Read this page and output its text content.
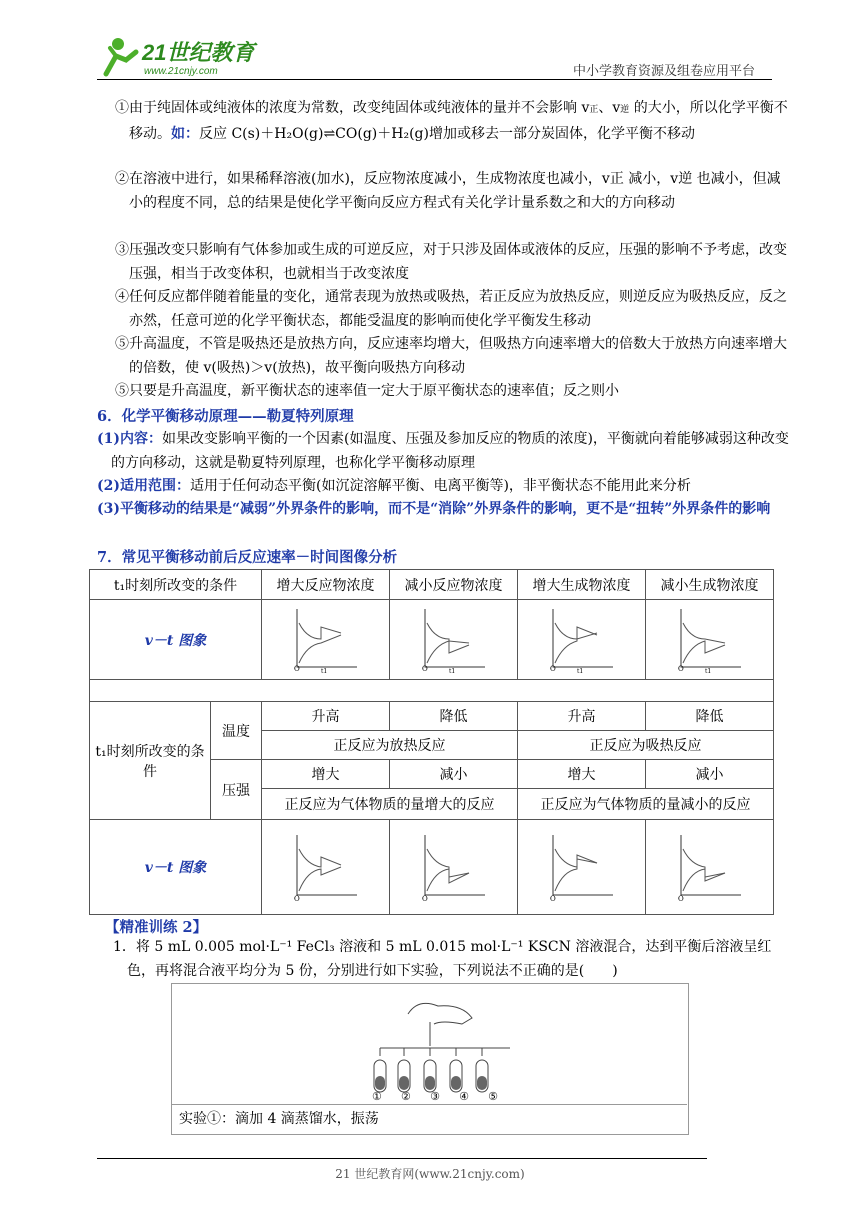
21世纪教育
www.21cnjy.com	中小学教育资源及组卷应用平台
①由于纯固体或纯液体的浓度为常数，改变纯固体或纯液体的量并不会影响 v正、v逆 的大小，所以化学平衡不移动。如：反应 C(s)＋H₂O(g)⇌CO(g)＋H₂(g)增加或移去一部分炭固体，化学平衡不移动
②在溶液中进行，如果稀释溶液(加水)，反应物浓度减小，生成物浓度也减小，v正 减小，v逆 也减小，但减小的程度不同，总的结果是使化学平衡向反应方程式有关化学计量系数之和大的方向移动
③压强改变只影响有气体参加或生成的可逆反应，对于只涉及固体或液体的反应，压强的影响不予考虑，改变压强，相当于改变体积，也就相当于改变浓度
④任何反应都伴随着能量的变化，通常表现为放热或吸热，若正反应为放热反应，则逆反应为吸热反应，反之亦然，任意可逆的化学平衡状态，都能受温度的影响而使化学平衡发生移动
⑤升高温度，不管是吸热还是放热方向，反应速率均增大，但吸热方向速率增大的倍数大于放热方向速率增大的倍数，使 v(吸热)＞v(放热)，故平衡向吸热方向移动
⑤只要是升高温度，新平衡状态的速率值一定大于原平衡状态的速率值；反之则小
6．化学平衡移动原理——勒夏特列原理
(1)内容：如果改变影响平衡的一个因素(如温度、压强及参加反应的物质的浓度)，平衡就向着能够减弱这种改变的方向移动，这就是勒夏特列原理，也称化学平衡移动原理
(2)适用范围：适用于任何动态平衡(如沉淀溶解平衡、电离平衡等)，非平衡状态不能用此来分析
(3)平衡移动的结果是“减弱”外界条件的影响，而不是“消除”外界条件的影响，更不是“扭转”外界条件的影响
7．常见平衡移动前后反应速率－时间图像分析
t₁时刻所改变的条件	增大反应物浓度	减小反应物浓度	增大生成物浓度	减小生成物浓度
v－t 图象	O t1	O t1	O t1	O t1

t₁时刻所改变的条件	温度	升高	降低	升高	降低
		正反应为放热反应		正反应为吸热反应	
	压强	增大	减小	增大	减小
		正反应为气体物质的量增大的反应		正反应为气体物质的量减小的反应	
v－t 图象		O	O	O	O
【精准训练 2】
1．将 5 mL 0.005 mol·L⁻¹ FeCl₃ 溶液和 5 mL 0.015 mol·L⁻¹ KSCN 溶液混合，达到平衡后溶液呈红色，再将混合液平均分为 5 份，分别进行如下实验，下列说法不正确的是(　　)
① ② ③ ④ ⑤
实验①：滴加 4 滴蒸馏水，振荡
21 世纪教育网(www.21cnjy.com)
